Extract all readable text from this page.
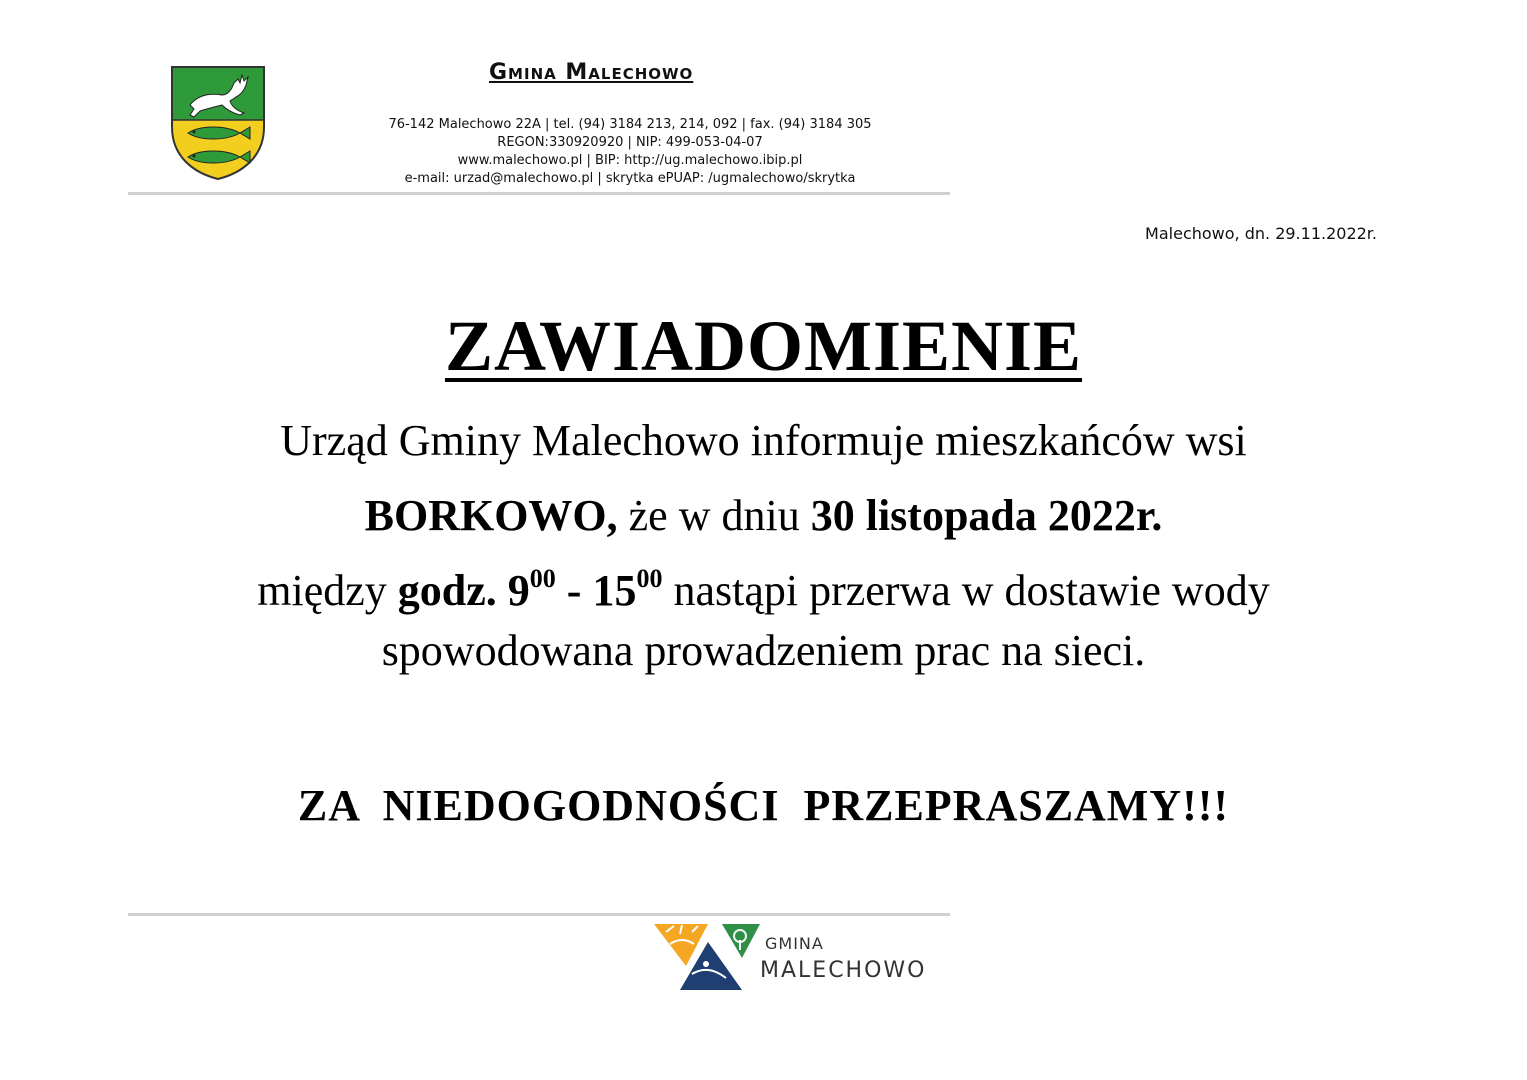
Gmina Malechowo
76-142 Malechowo 22A | tel. (94) 3184 213, 214, 092 | fax. (94) 3184 305
REGON:330920920 | NIP: 499-053-04-07
www.malechowo.pl | BIP: http://ug.malechowo.ibip.pl
e-mail: urzad@malechowo.pl | skrytka ePUAP: /ugmalechowo/skrytka
Malechowo, dn. 29.11.2022r.
ZAWIADOMIENIE
Urząd Gminy Malechowo informuje mieszkańców wsi
BORKOWO, że w dniu 30 listopada 2022r.
między godz. $9^{00} - 15^{00}$ nastąpi przerwa w dostawie wody
spowodowana prowadzeniem prac na sieci.
ZA  NIEDOGODNOŚCI  PRZEPRASZAMY!!!
GMINA
MALECHOWO
